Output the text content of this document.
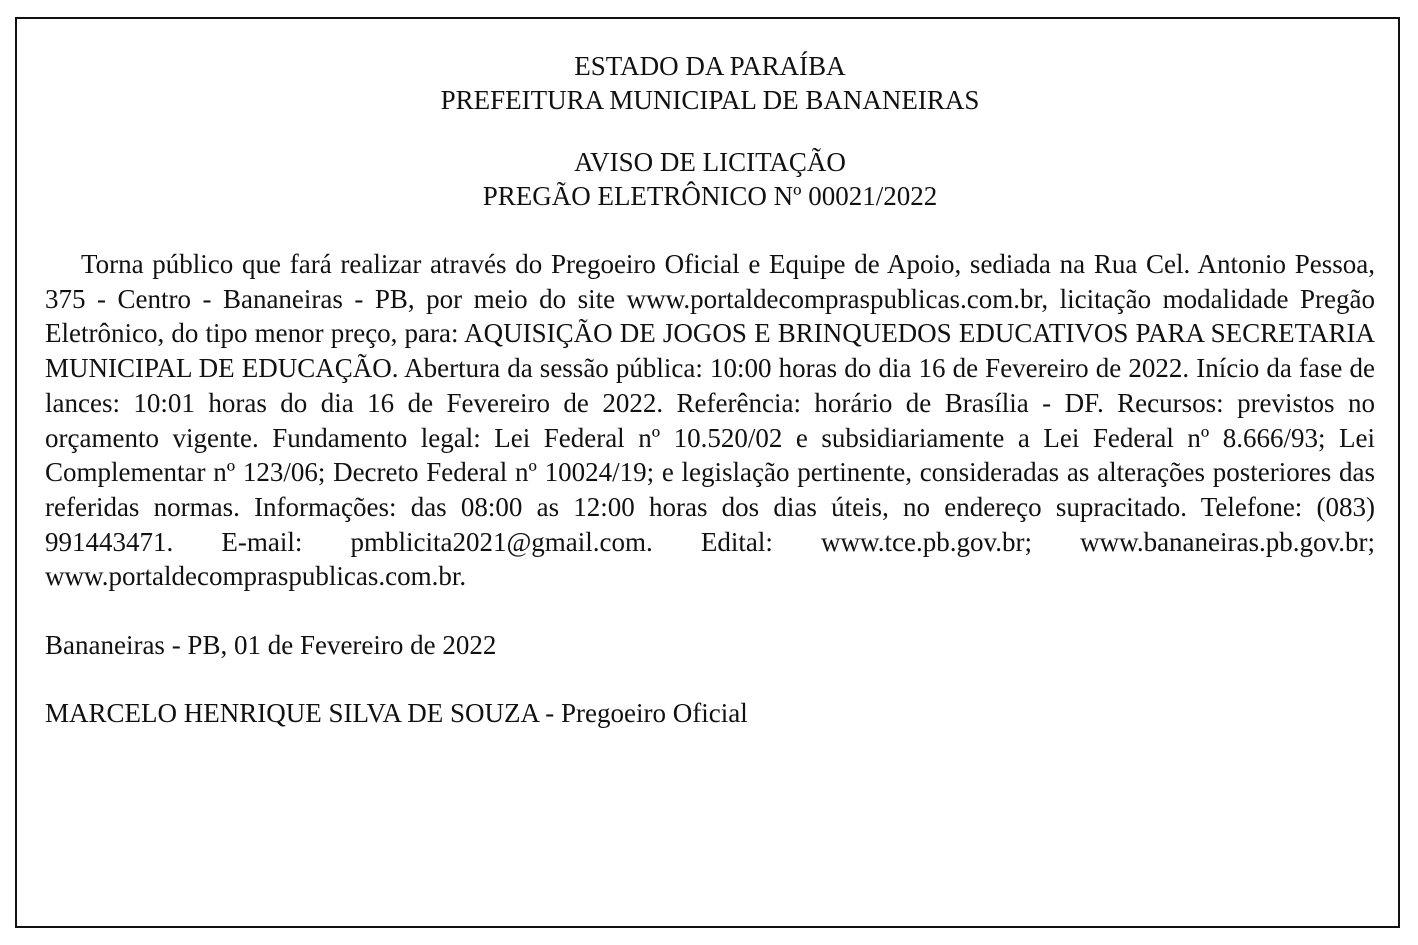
ESTADO DA PARAÍBA
PREFEITURA MUNICIPAL DE BANANEIRAS
AVISO DE LICITAÇÃO
PREGÃO ELETRÔNICO Nº 00021/2022

Torna público que fará realizar através do Pregoeiro Oficial e Equipe de Apoio, sediada na Rua Cel. Antonio Pessoa, 375 - Centro - Bananeiras - PB, por meio do site www.portaldecompraspublicas.com.br, licitação modalidade Pregão Eletrônico, do tipo menor preço, para: AQUISIÇÃO DE JOGOS E BRINQUEDOS EDUCATIVOS PARA SECRETARIA MUNICIPAL DE EDUCAÇÃO. Abertura da sessão pública: 10:00 horas do dia 16 de Fevereiro de 2022. Início da fase de lances: 10:01 horas do dia 16 de Fevereiro de 2022. Referência: horário de Brasília - DF. Recursos: previstos no orçamento vigente. Fundamento legal: Lei Federal nº 10.520/02 e subsidiariamente a Lei Federal nº 8.666/93; Lei Complementar nº 123/06; Decreto Federal nº 10024/19; e legislação pertinente, consideradas as alterações posteriores das referidas normas. Informações: das 08:00 as 12:00 horas dos dias úteis, no endereço supracitado. Telefone: (083) 991443471. E-mail: pmblicita2021@gmail.com. Edital: www.tce.pb.gov.br; www.bananeiras.pb.gov.br; www.portaldecompraspublicas.com.br.

Bananeiras - PB, 01 de Fevereiro de 2022

MARCELO HENRIQUE SILVA DE SOUZA - Pregoeiro Oficial
